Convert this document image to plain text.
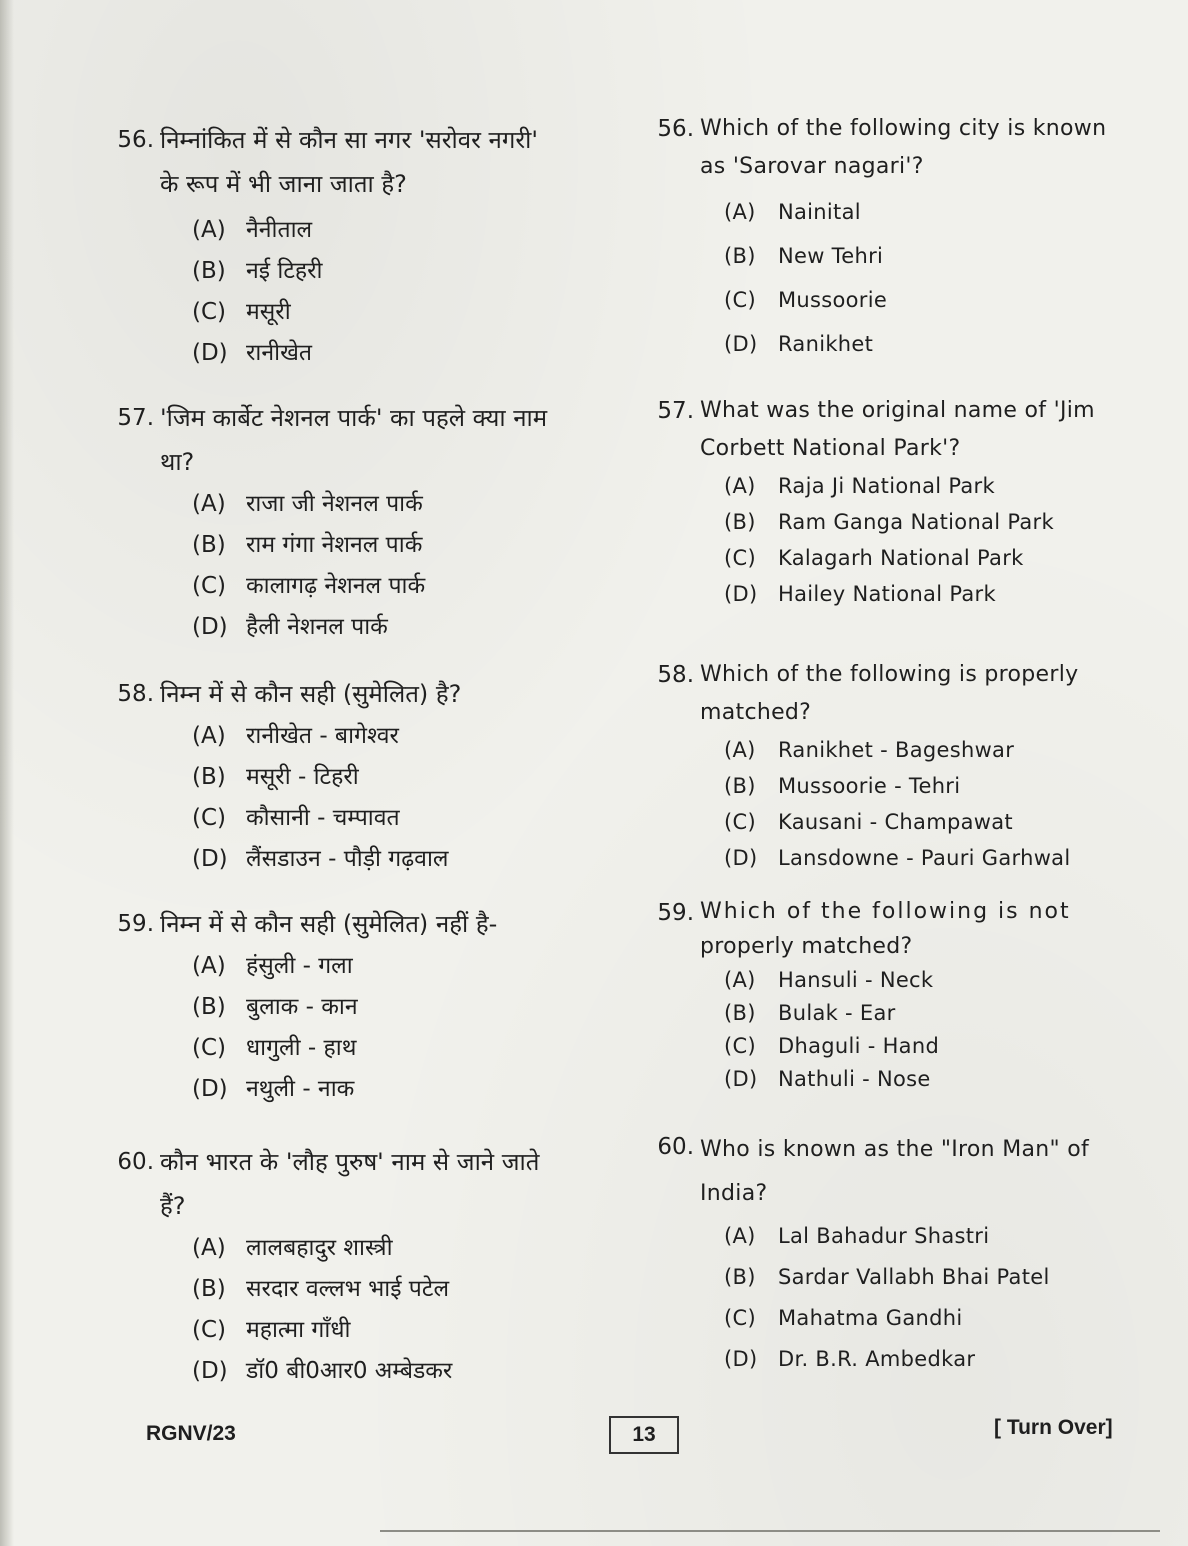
56. निम्नांकित में से कौन सा नगर 'सरोवर नगरी'
के रूप में भी जाना जाता है?
(A) नैनीताल
(B) नई टिहरी
(C) मसूरी
(D) रानीखेत
57. 'जिम कार्बेट नेशनल पार्क' का पहले क्या नाम
था?
(A) राजा जी नेशनल पार्क
(B) राम गंगा नेशनल पार्क
(C) कालागढ़ नेशनल पार्क
(D) हैली नेशनल पार्क
58. निम्न में से कौन सही (सुमेलित) है?
(A) रानीखेत - बागेश्वर
(B) मसूरी - टिहरी
(C) कौसानी - चम्पावत
(D) लैंसडाउन - पौड़ी गढ़वाल
59. निम्न में से कौन सही (सुमेलित) नहीं है-
(A) हंसुली - गला
(B) बुलाक - कान
(C) धागुली - हाथ
(D) नथुली - नाक
60. कौन भारत के 'लौह पुरुष' नाम से जाने जाते
हैं?
(A) लालबहादुर शास्त्री
(B) सरदार वल्लभ भाई पटेल
(C) महात्मा गाँधी
(D) डॉ0 बी0आर0 अम्बेडकर
56. Which of the following city is known
as 'Sarovar nagari'?
(A)	Nainital
(B)	New Tehri
(C)	Mussoorie
(D) Ranikhet
57. What was the original name of 'Jim
Corbett National Park'?
(A)	Raja Ji National Park
(B)	Ram Ganga National Park
(C)	Kalagarh National Park
(D) Hailey National Park
58. Which of the following is properly
matched?
(A)	Ranikhet - Bageshwar
(B)	Mussoorie - Tehri
(C)	Kausani - Champawat
(D) Lansdowne - Pauri Garhwal
59. Which of the following is not
properly matched?
(A)	Hansuli - Neck
(B)	Bulak - Ear
(C)	Dhaguli - Hand
(D) Nathuli - Nose
60. Who is known as the "Iron Man" of
India?
(A)	Lal Bahadur Shastri
(B)	Sardar Vallabh Bhai Patel
(C)	Mahatma Gandhi
(D) Dr. B.R. Ambedkar
RGNV/23	13	[ Turn Over]
